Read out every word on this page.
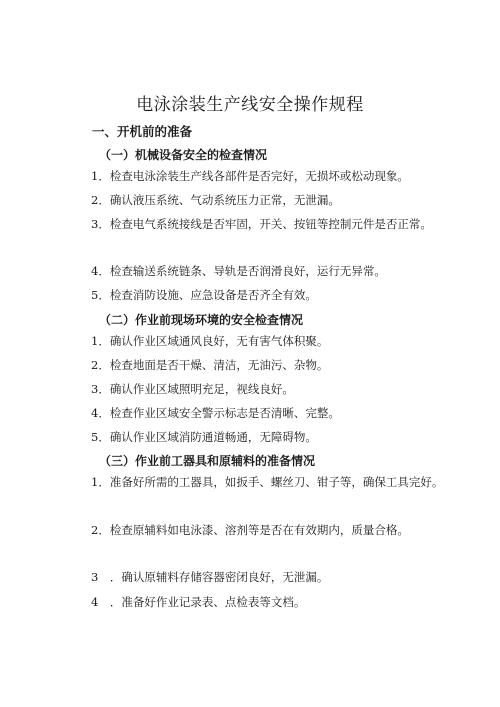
电泳涂装生产线安全操作规程
一、开机前的准备
（一）机械设备安全的检查情况
1．检查电泳涂装生产线各部件是否完好，无损坏或松动现象。
2．确认液压系统、气动系统压力正常，无泄漏。
3．检查电气系统接线是否牢固，开关、按钮等控制元件是否正常。
4．检查输送系统链条、导轨是否润滑良好，运行无异常。
5．检查消防设施、应急设备是否齐全有效。
（二）作业前现场环境的安全检查情况
1．确认作业区域通风良好，无有害气体积聚。
2．检查地面是否干燥、清洁，无油污、杂物。
3．确认作业区域照明充足，视线良好。
4．检查作业区域安全警示标志是否清晰、完整。
5．确认作业区域消防通道畅通，无障碍物。
（三）作业前工器具和原辅料的准备情况
1．准备好所需的工器具，如扳手、螺丝刀、钳子等，确保工具完好。
2．检查原辅料如电泳漆、溶剂等是否在有效期内，质量合格。
3　．确认原辅料存储容器密闭良好，无泄漏。
4　．准备好作业记录表、点检表等文档。
